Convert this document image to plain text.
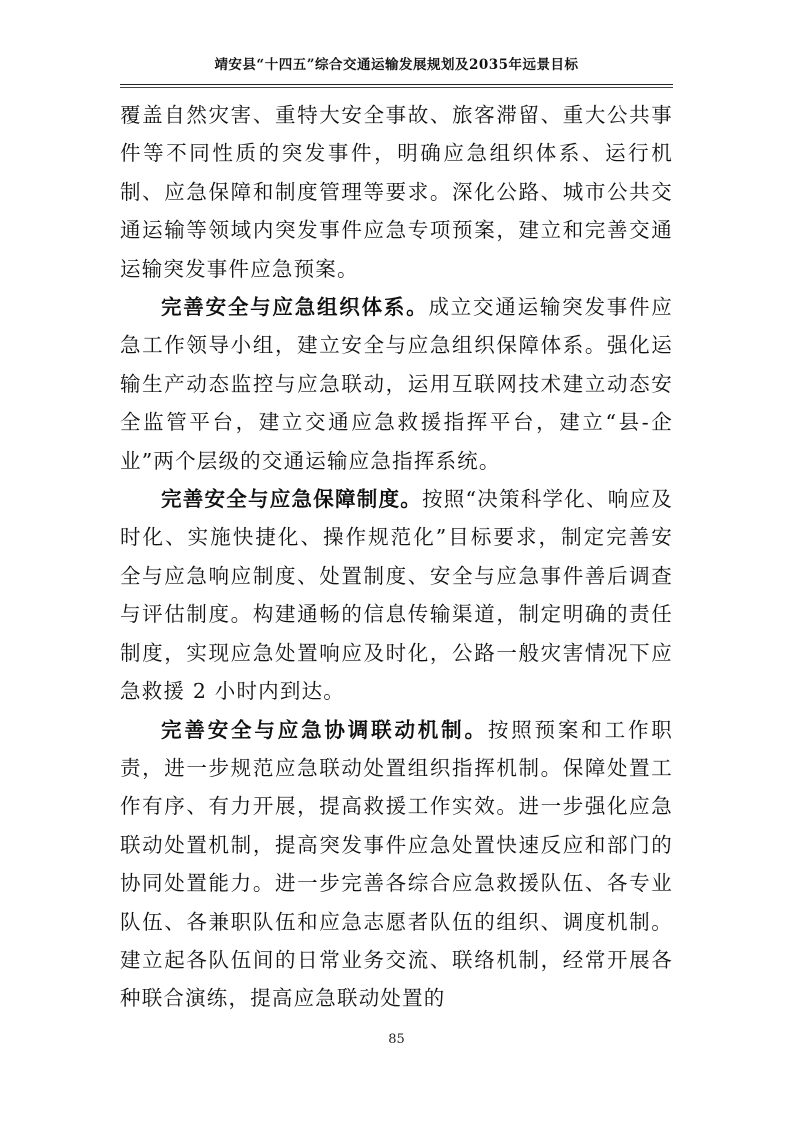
靖安县“十四五”综合交通运输发展规划及2035年远景目标

覆盖自然灾害、重特大安全事故、旅客滞留、重大公共事件等不同性质的突发事件，明确应急组织体系、运行机制、应急保障和制度管理等要求。深化公路、城市公共交通运输等领域内突发事件应急专项预案，建立和完善交通运输突发事件应急预案。

完善安全与应急组织体系。成立交通运输突发事件应急工作领导小组，建立安全与应急组织保障体系。强化运输生产动态监控与应急联动，运用互联网技术建立动态安全监管平台，建立交通应急救援指挥平台，建立“县-企业”两个层级的交通运输应急指挥系统。

完善安全与应急保障制度。按照“决策科学化、响应及时化、实施快捷化、操作规范化”目标要求，制定完善安全与应急响应制度、处置制度、安全与应急事件善后调查与评估制度。构建通畅的信息传输渠道，制定明确的责任制度，实现应急处置响应及时化，公路一般灾害情况下应急救援 2 小时内到达。

完善安全与应急协调联动机制。按照预案和工作职责，进一步规范应急联动处置组织指挥机制。保障处置工作有序、有力开展，提高救援工作实效。进一步强化应急联动处置机制，提高突发事件应急处置快速反应和部门的协同处置能力。进一步完善各综合应急救援队伍、各专业队伍、各兼职队伍和应急志愿者队伍的组织、调度机制。建立起各队伍间的日常业务交流、联络机制，经常开展各种联合演练，提高应急联动处置的

85
